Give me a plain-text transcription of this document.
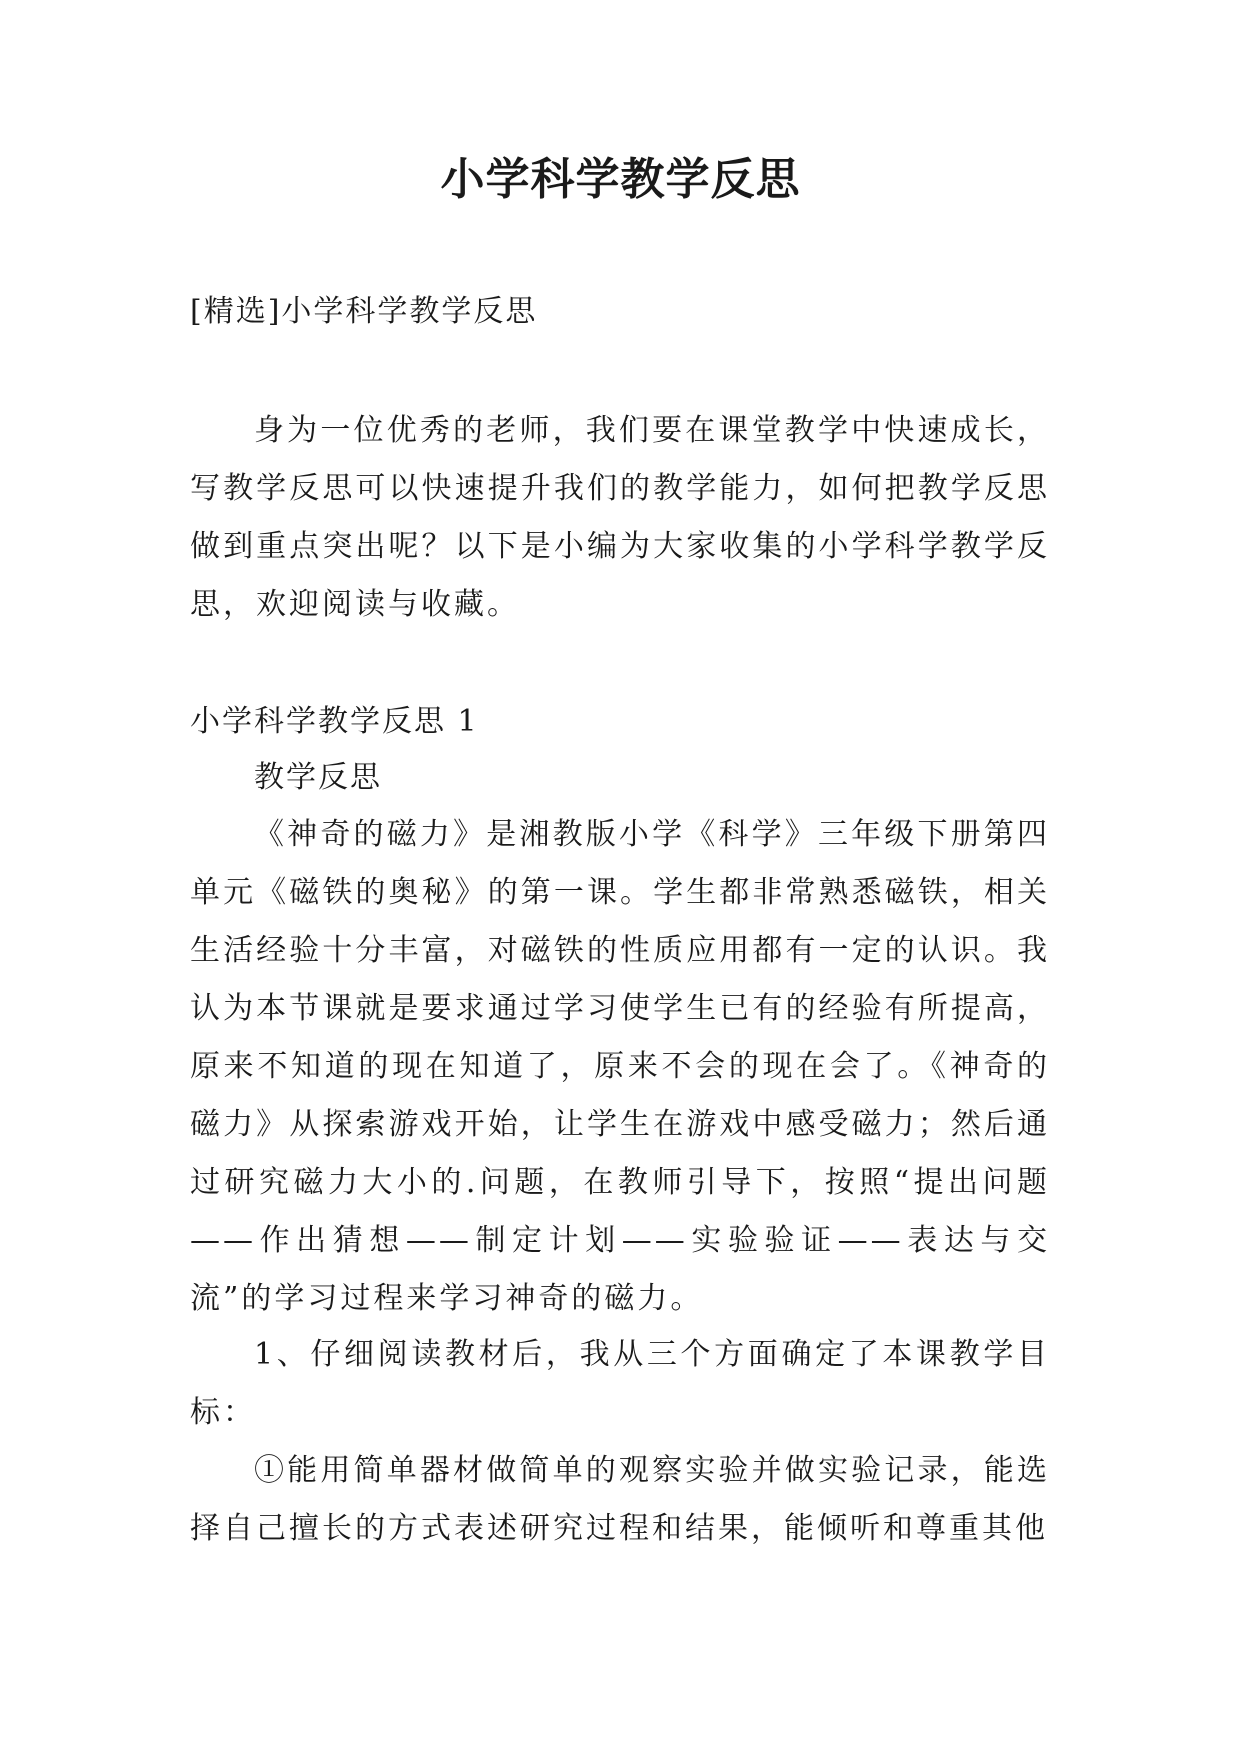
小学科学教学反思

[精选]小学科学教学反思

身为一位优秀的老师，我们要在课堂教学中快速成长，写教学反思可以快速提升我们的教学能力，如何把教学反思做到重点突出呢？以下是小编为大家收集的小学科学教学反思，欢迎阅读与收藏。

小学科学教学反思 1

教学反思

《神奇的磁力》是湘教版小学《科学》三年级下册第四单元《磁铁的奥秘》的第一课。学生都非常熟悉磁铁，相关生活经验十分丰富，对磁铁的性质应用都有一定的认识。我认为本节课就是要求通过学习使学生已有的经验有所提高，原来不知道的现在知道了，原来不会的现在会了。《神奇的磁力》从探索游戏开始，让学生在游戏中感受磁力；然后通过研究磁力大小的.问题，在教师引导下，按照“提出问题——作出猜想——制定计划——实验验证——表达与交流”的学习过程来学习神奇的磁力。

1、仔细阅读教材后，我从三个方面确定了本课教学目标：

①能用简单器材做简单的观察实验并做实验记录，能选择自己擅长的方式表述研究过程和结果，能倾听和尊重其他
